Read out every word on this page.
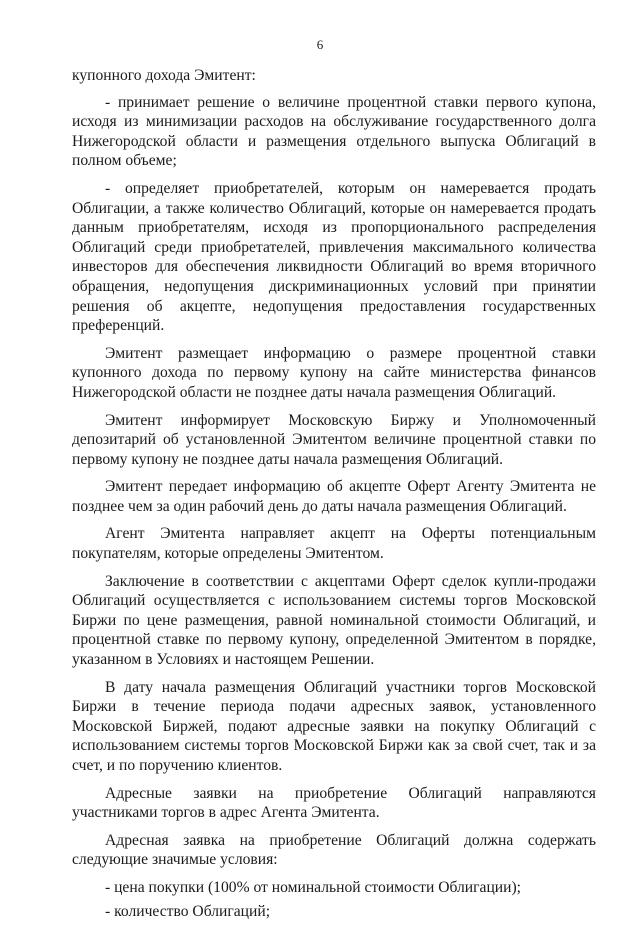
6

купонного дохода Эмитент:

- принимает решение о величине процентной ставки первого купона, исходя из минимизации расходов на обслуживание государственного долга Нижегородской области и размещения отдельного выпуска Облигаций в полном объеме;

- определяет приобретателей, которым он намеревается продать Облигации, а также количество Облигаций, которые он намеревается продать данным приобретателям, исходя из пропорционального распределения Облигаций среди приобретателей, привлечения максимального количества инвесторов для обеспечения ликвидности Облигаций во время вторичного обращения, недопущения дискриминационных условий при принятии решения об акцепте, недопущения предоставления государственных преференций.

Эмитент размещает информацию о размере процентной ставки купонного дохода по первому купону на сайте министерства финансов Нижегородской области не позднее даты начала размещения Облигаций.

Эмитент информирует Московскую Биржу и Уполномоченный депозитарий об установленной Эмитентом величине процентной ставки по первому купону не позднее даты начала размещения Облигаций.

Эмитент передает информацию об акцепте Оферт Агенту Эмитента не позднее чем за один рабочий день до даты начала размещения Облигаций.

Агент Эмитента направляет акцепт на Оферты потенциальным покупателям, которые определены Эмитентом.

Заключение в соответствии с акцептами Оферт сделок купли-продажи Облигаций осуществляется с использованием системы торгов Московской Биржи по цене размещения, равной номинальной стоимости Облигаций, и процентной ставке по первому купону, определенной Эмитентом в порядке, указанном в Условиях и настоящем Решении.

В дату начала размещения Облигаций участники торгов Московской Биржи в течение периода подачи адресных заявок, установленного Московской Биржей, подают адресные заявки на покупку Облигаций с использованием системы торгов Московской Биржи как за свой счет, так и за счет, и по поручению клиентов.

Адресные заявки на приобретение Облигаций направляются участниками торгов в адрес Агента Эмитента.

Адресная заявка на приобретение Облигаций должна содержать следующие значимые условия:

- цена покупки (100% от номинальной стоимости Облигации);

- количество Облигаций;
